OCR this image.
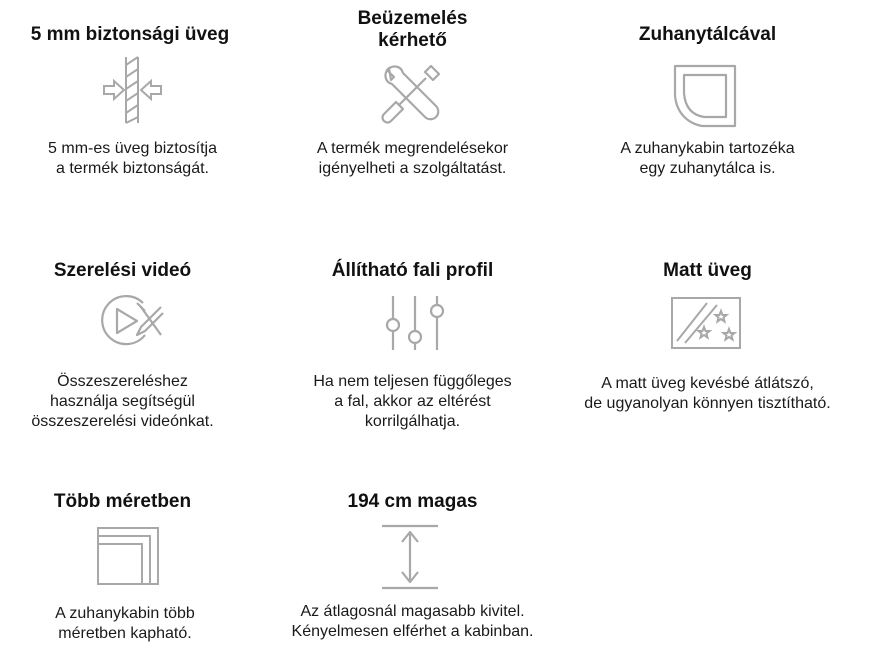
5 mm biztonsági üveg
5 mm-es üveg biztosítja
a termék biztonságát.
Beüzemelés
kérhető
A termék megrendelésekor
igényelheti a szolgáltatást.
Zuhanytálcával
A zuhanykabin tartozéka
egy zuhanytálca is.
Szerelési videó
Összeszereléshez
használja segítségül
összeszerelési videónkat.
Állítható fali profil
Ha nem teljesen függőleges
a fal, akkor az eltérést
korrilgálhatja.
Matt üveg
A matt üveg kevésbé átlátszó,
de ugyanolyan könnyen tisztítható.
Több méretben
A zuhanykabin több
méretben kapható.
194 cm magas
Az átlagosnál magasabb kivitel.
Kényelmesen elférhet a kabinban.
